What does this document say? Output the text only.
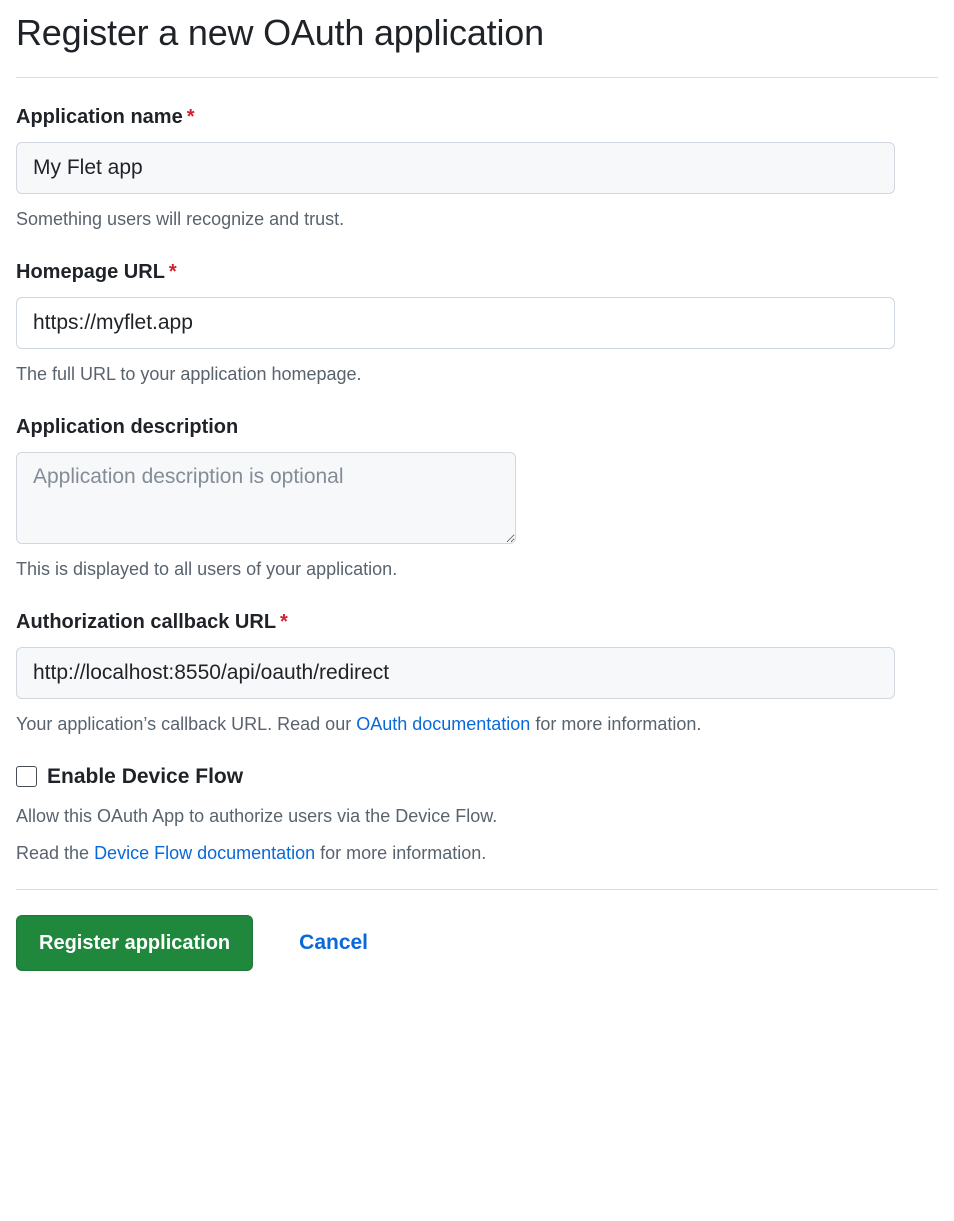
Register a new OAuth application
Application name *
My Flet app

Something users will recognize and trust.

Homepage URL *
https://myflet.app

The full URL to your application homepage.

Application description
Application description is optional

This is displayed to all users of your application.

Authorization callback URL *
http://localhost:8550/api/oauth/redirect

Your application’s callback URL. Read our OAuth documentation for more information.

Enable Device Flow

Allow this OAuth App to authorize users via the Device Flow.

Read the Device Flow documentation for more information.

Register application	Cancel
